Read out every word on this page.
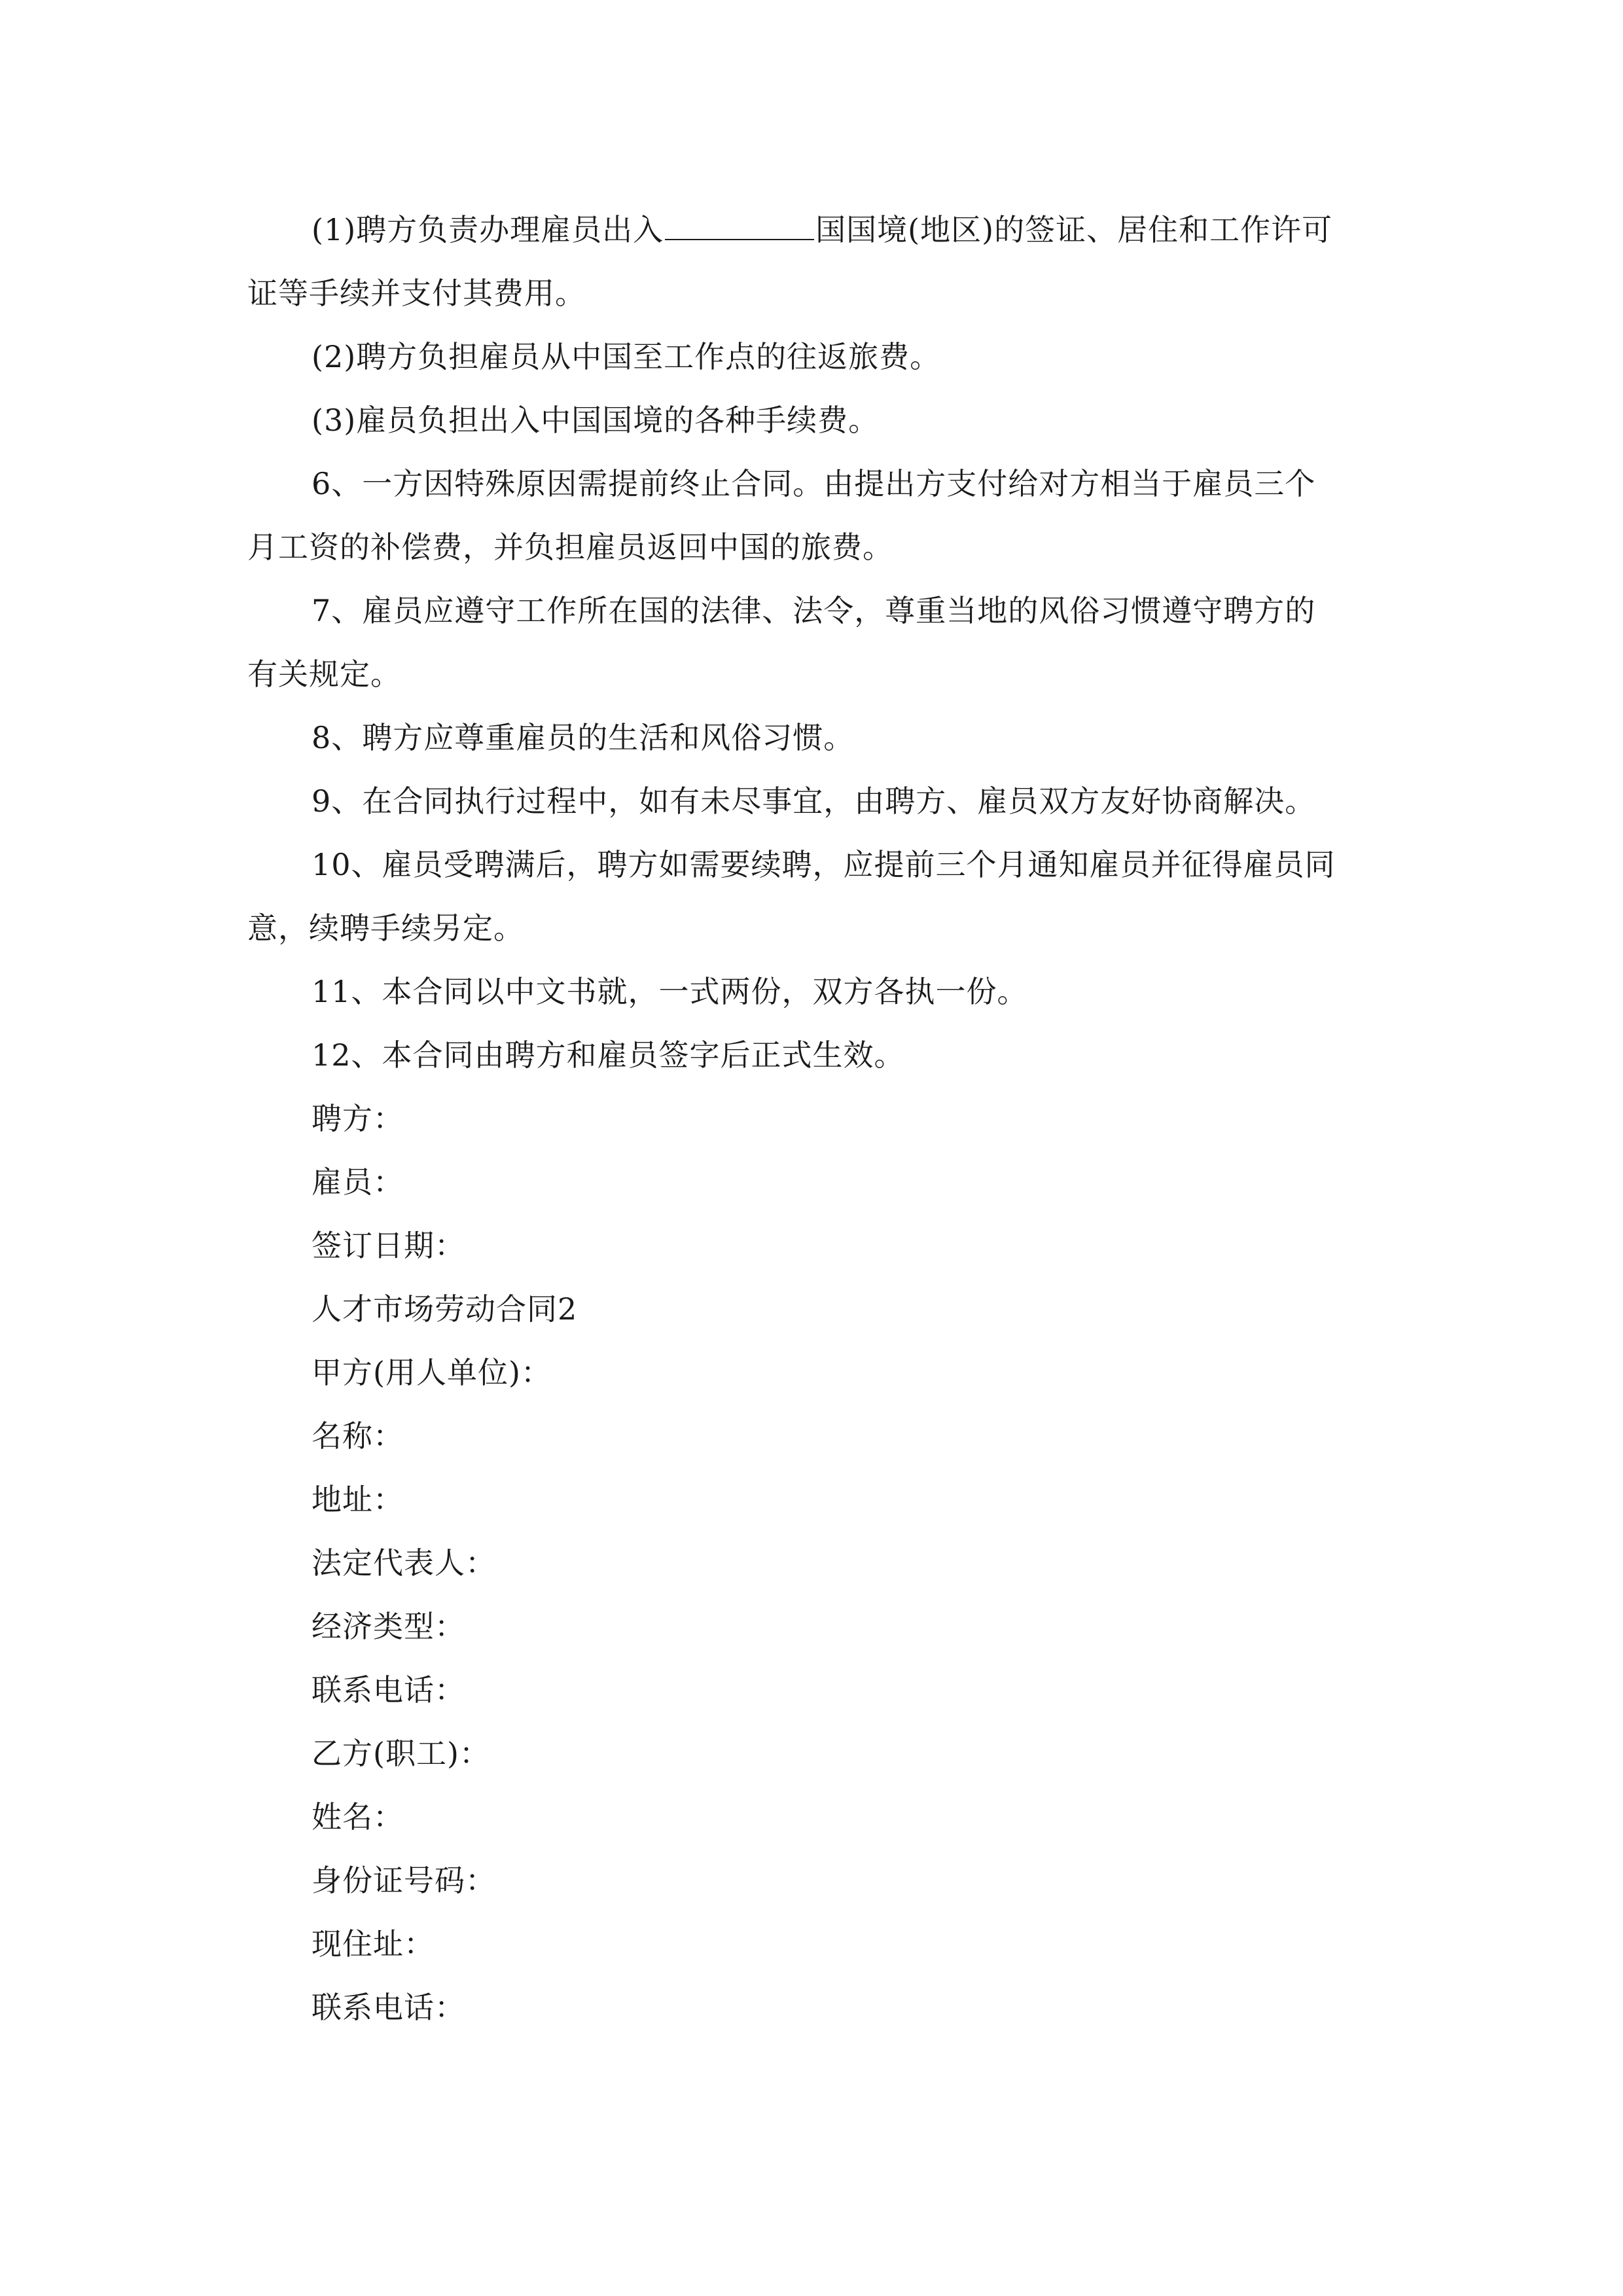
(1)聘方负责办理雇员出入	国国境(地区)的签证、居住和工作许可
证等手续并支付其费用。
(2)聘方负担雇员从中国至工作点的往返旅费。
(3)雇员负担出入中国国境的各种手续费。
6、一方因特殊原因需提前终止合同。由提出方支付给对方相当于雇员三个
月工资的补偿费，并负担雇员返回中国的旅费。
7、雇员应遵守工作所在国的法律、法令，尊重当地的风俗习惯遵守聘方的
有关规定。
8、聘方应尊重雇员的生活和风俗习惯。
9、在合同执行过程中，如有未尽事宜，由聘方、雇员双方友好协商解决。
10、雇员受聘满后，聘方如需要续聘，应提前三个月通知雇员并征得雇员同
意，续聘手续另定。
11、本合同以中文书就，一式两份，双方各执一份。
12、本合同由聘方和雇员签字后正式生效。
聘方：
雇员：
签订日期：
人才市场劳动合同2
甲方(用人单位)：
名称：
地址：
法定代表人：
经济类型：
联系电话：
乙方(职工)：
姓名：
身份证号码：
现住址：
联系电话：
